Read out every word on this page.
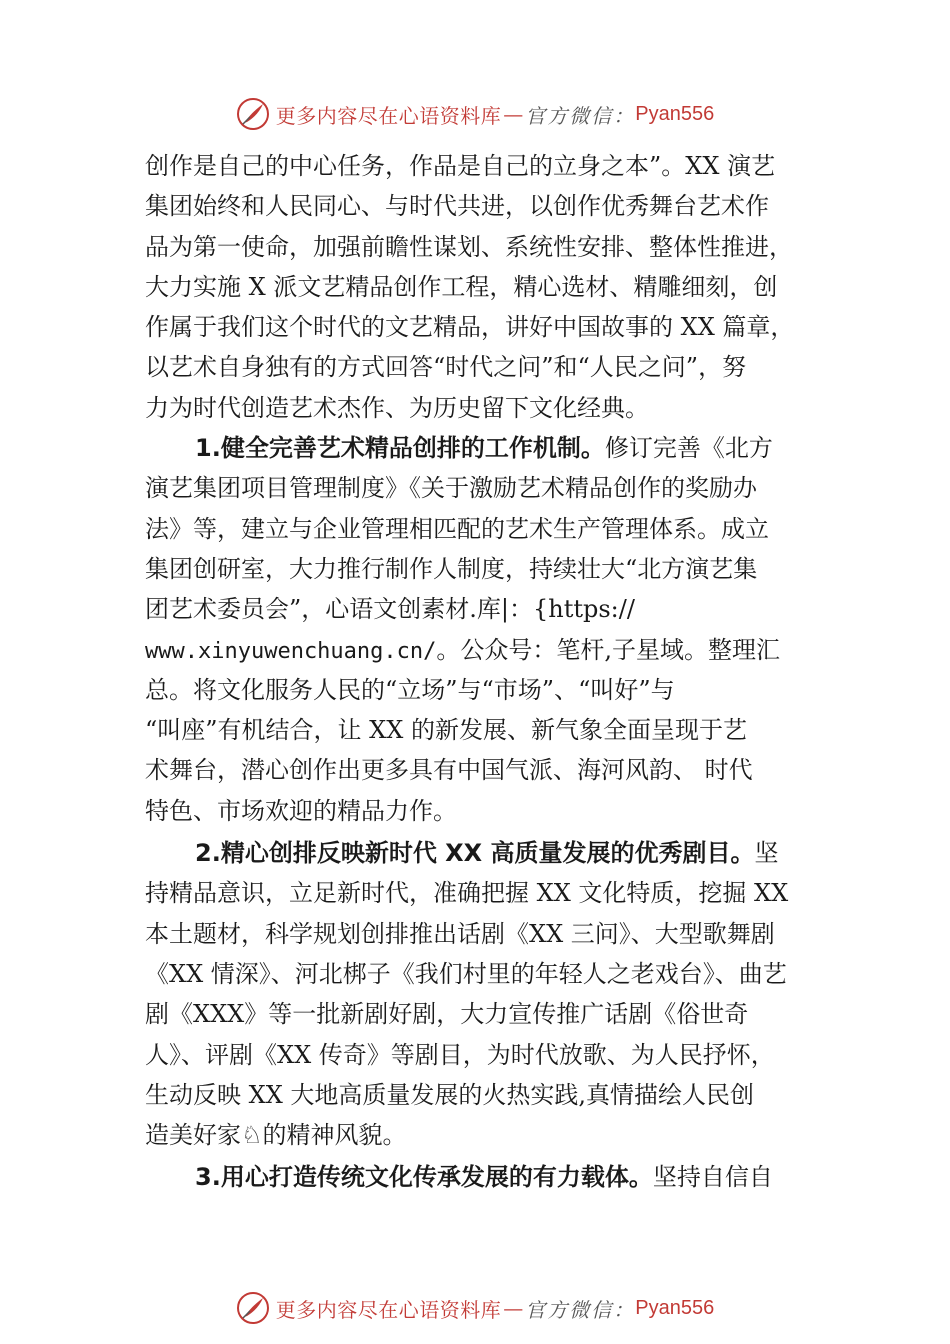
更多内容尽在心语资料库 — 官方微信： Pyan556
创作是自己的中心任务，作品是自己的立身之本”。XX 演艺
集团始终和人民同心、与时代共进，以创作优秀舞台艺术作
品为第一使命，加强前瞻性谋划、系统性安排、整体性推进，
大力实施 X 派文艺精品创作工程，精心选材、精雕细刻，创
作属于我们这个时代的文艺精品，讲好中国故事的 XX 篇章，
以艺术自身独有的方式回答“时代之问”和“人民之问”，努
力为时代创造艺术杰作、为历史留下文化经典。
1.健全完善艺术精品创排的工作机制。修订完善《北方
演艺集团项目管理制度》《关于激励艺术精品创作的奖励办
法》等，建立与企业管理相匹配的艺术生产管理体系。成立
集团创研室，大力推行制作人制度，持续壮大“北方演艺集
团艺术委员会”，心语文创素材.库|：{https://
www.xinyuwenchuang.cn/。公众号：笔杆,子星域。整理汇
总。将文化服务人民的“立场”与“市场”、“叫好”与
“叫座”有机结合，让 XX 的新发展、新气象全面呈现于艺
术舞台，潜心创作出更多具有中国气派、海河风韵、 时代
特色、市场欢迎的精品力作。
2.精心创排反映新时代 XX 高质量发展的优秀剧目。坚
持精品意识，立足新时代，准确把握 XX 文化特质，挖掘 XX
本土题材，科学规划创排推出话剧《XX 三问》、大型歌舞剧
《XX 情深》、河北梆子《我们村里的年轻人之老戏台》、曲艺
剧《XXX》等一批新剧好剧，大力宣传推广话剧《俗世奇
人》、评剧《XX 传奇》等剧目，为时代放歌、为人民抒怀，
生动反映 XX 大地高质量发展的火热实践,真情描绘人民创
造美好家♘的精神风貌。
3.用心打造传统文化传承发展的有力载体。坚持自信自
更多内容尽在心语资料库 — 官方微信： Pyan556
